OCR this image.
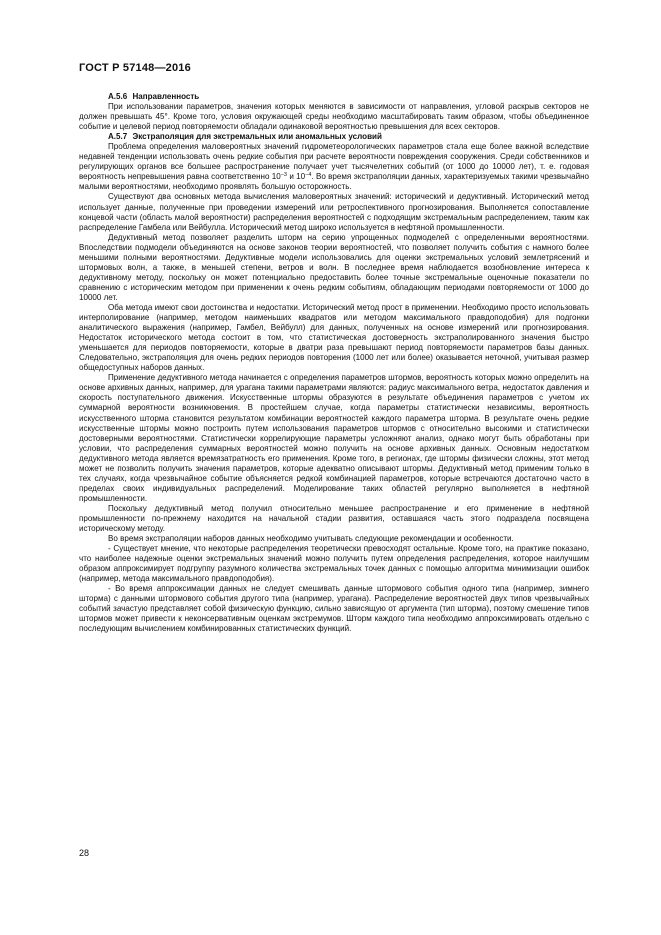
ГОСТ Р 57148—2016

А.5.6 Направленность

При использовании параметров, значения которых меняются в зависимости от направления, угловой раскрыв секторов не должен превышать 45°. Кроме того, условия окружающей среды необходимо масштабировать таким образом, чтобы объединенное событие и целевой период повторяемости обладали одинаковой вероятностью превышения для всех секторов.

А.5.7 Экстраполяция для экстремальных или аномальных условий

Проблема определения маловероятных значений гидрометеорологических параметров стала еще более важной вследствие недавней тенденции использовать очень редкие события при расчете вероятности повреждения сооружения. Среди собственников и регулирующих органов все большее распространение получает учет тысячелетних событий (от 1000 до 10000 лет), т. е. годовая вероятность непревышения равна соответственно $10^{-3}$ и $10^{-4}$. Во время экстраполяции данных, характеризуемых такими чрезвычайно малыми вероятностями, необходимо проявлять большую осторожность.

Существуют два основных метода вычисления маловероятных значений: исторический и дедуктивный. Исторический метод использует данные, полученные при проведении измерений или ретроспективного прогнозирования. Выполняется сопоставление концевой части (область малой вероятности) распределения вероятностей с подходящим экстремальным распределением, таким как распределение Гамбела или Вейбулла. Исторический метод широко используется в нефтяной промышленности.

Дедуктивный метод позволяет разделить шторм на серию упрощенных подмоделей с определенными вероятностями. Впоследствии подмодели объединяются на основе законов теории вероятностей, что позволяет получить события с намного более меньшими полными вероятностями. Дедуктивные модели использовались для оценки экстремальных условий землетрясений и штормовых волн, а также, в меньшей степени, ветров и волн. В последнее время наблюдается возобновление интереса к дедуктивному методу, поскольку он может потенциально предоставить более точные экстремальные оценочные показатели по сравнению с историческим методом при применении к очень редким событиям, обладающим периодами повторяемости от 1000 до 10000 лет.

Оба метода имеют свои достоинства и недостатки. Исторический метод прост в применении. Необходимо просто использовать интерполирование (например, методом наименьших квадратов или методом максимального правдоподобия) для подгонки аналитического выражения (например, Гамбел, Вейбулл) для данных, полученных на основе измерений или прогнозирования. Недостаток исторического метода состоит в том, что статистическая достоверность экстраполированного значения быстро уменьшается для периодов повторяемости, которые в дватри раза превышают период повторяемости параметров базы данных. Следовательно, экстраполяция для очень редких периодов повторения (1000 лет или более) оказывается неточной, учитывая размер общедоступных наборов данных.

Применение дедуктивного метода начинается с определения параметров штормов, вероятность которых можно определить на основе архивных данных, например, для урагана такими параметрами являются: радиус максимального ветра, недостаток давления и скорость поступательного движения. Искусственные штормы образуются в результате объединения параметров с учетом их суммарной вероятности возникновения. В простейшем случае, когда параметры статистически независимы, вероятность искусственного шторма становится результатом комбинации вероятностей каждого параметра шторма. В результате очень редкие искусственные штормы можно построить путем использования параметров штормов с относительно высокими и статистически достоверными вероятностями. Статистически коррелирующие параметры усложняют анализ, однако могут быть обработаны при условии, что распределения суммарных вероятностей можно получить на основе архивных данных. Основным недостатком дедуктивного метода является времязатратность его применения. Кроме того, в регионах, где штормы физически сложны, этот метод может не позволить получить значения параметров, которые адекватно описывают штормы. Дедуктивный метод применим только в тех случаях, когда чрезвычайное событие объясняется редкой комбинацией параметров, которые встречаются достаточно часто в пределах своих индивидуальных распределений. Моделирование таких областей регулярно выполняется в нефтяной промышленности.

Поскольку дедуктивный метод получил относительно меньшее распространение и его применение в нефтяной промышленности по-прежнему находится на начальной стадии развития, оставшаяся часть этого подраздела посвящена историческому методу.

Во время экстраполяции наборов данных необходимо учитывать следующие рекомендации и особенности.

- Существует мнение, что некоторые распределения теоретически превосходят остальные. Кроме того, на практике показано, что наиболее надежные оценки экстремальных значений можно получить путем определения распределения, которое наилучшим образом аппроксимирует подгруппу разумного количества экстремальных точек данных с помощью алгоритма минимизации ошибок (например, метода максимального правдоподобия).

- Во время аппроксимации данных не следует смешивать данные штормового события одного типа (например, зимнего шторма) с данными штормового события другого типа (например, урагана). Распределение вероятностей двух типов чрезвычайных событий зачастую представляет собой физическую функцию, сильно зависящую от аргумента (тип шторма), поэтому смешение типов штормов может привести к неконсервативным оценкам экстремумов. Шторм каждого типа необходимо аппроксимировать отдельно с последующим вычислением комбинированных статистических функций.

28
